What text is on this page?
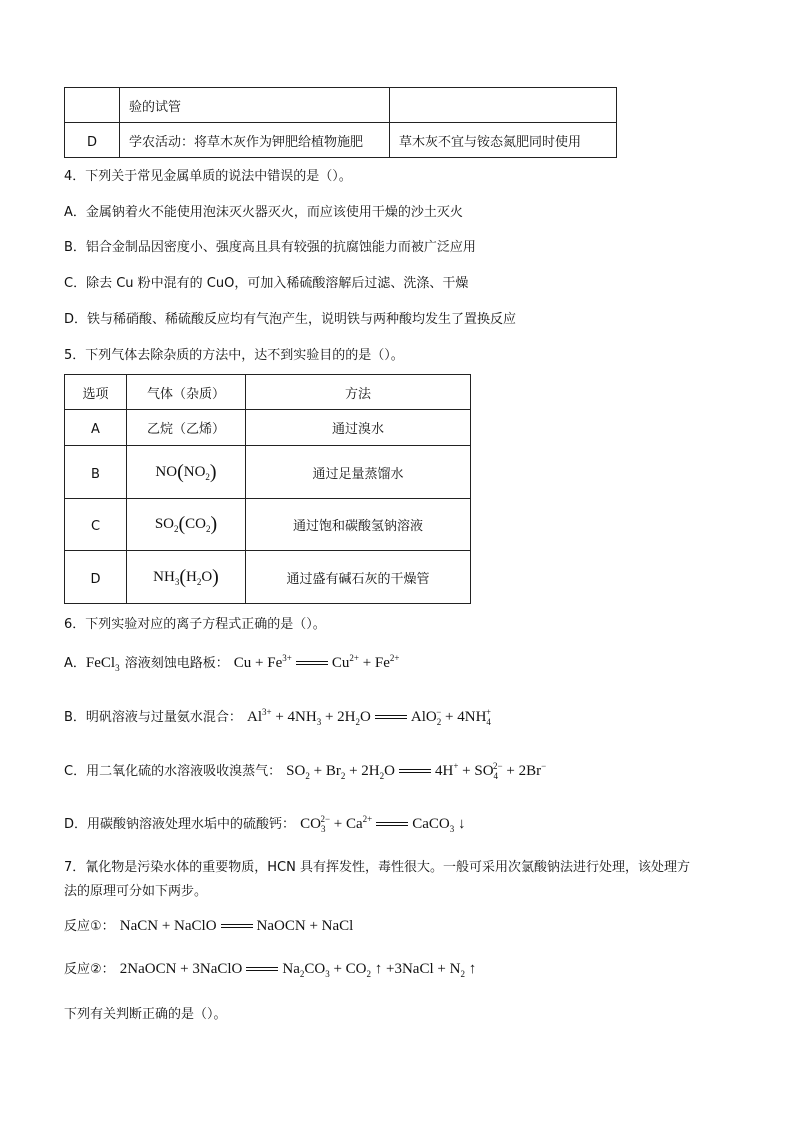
	验的试管	
D	学农活动：将草木灰作为钾肥给植物施肥	草木灰不宜与铵态氮肥同时使用
4．下列关于常见金属单质的说法中错误的是（）。
A．金属钠着火不能使用泡沫灭火器灭火，而应该使用干燥的沙土灭火
B．铝合金制品因密度小、强度高且具有较强的抗腐蚀能力而被广泛应用
C．除去 Cu 粉中混有的 CuO，可加入稀硫酸溶解后过滤、洗涤、干燥
D．铁与稀硝酸、稀硫酸反应均有气泡产生，说明铁与两种酸均发生了置换反应
5．下列气体去除杂质的方法中，达不到实验目的的是（）。
选项	气体（杂质）	方法
A	乙烷（乙烯）	通过溴水
B	$NO(NO_2)$	通过足量蒸馏水
C	$SO_2(CO_2)$	通过饱和碳酸氢钠溶液
D	$NH_3(H_2O)$	通过盛有碱石灰的干燥管
6．下列实验对应的离子方程式正确的是（）。
A．FeCl$_3$ 溶液刻蚀电路板： $Cu + Fe^{3+}$	$Cu^{2+} + Fe^{2+}$
B．明矾溶液与过量氨水混合： $Al^{3+} + 4NH_3 + 2H_2O$	$AlO_2^- + 4NH_4^+$
C．用二氧化硫的水溶液吸收溴蒸气： $SO_2 + Br_2 + 2H_2O$	$4H^+ + SO_4^{2-} + 2Br^-$
D．用碳酸钠溶液处理水垢中的硫酸钙： $CO_3^{2-} + Ca^{2+}$	CaCO$_3$ ↓
7．氰化物是污染水体的重要物质，HCN 具有挥发性，毒性很大。一般可采用次氯酸钠法进行处理，该处理方
法的原理可分如下两步。
反应①： NaCN + NaClO	NaOCN + NaCl
反应②： 2NaOCN + 3NaClO	$Na_2CO_3 + CO_2$ ↑ +3NaCl + $N_2$ ↑
下列有关判断正确的是（）。
